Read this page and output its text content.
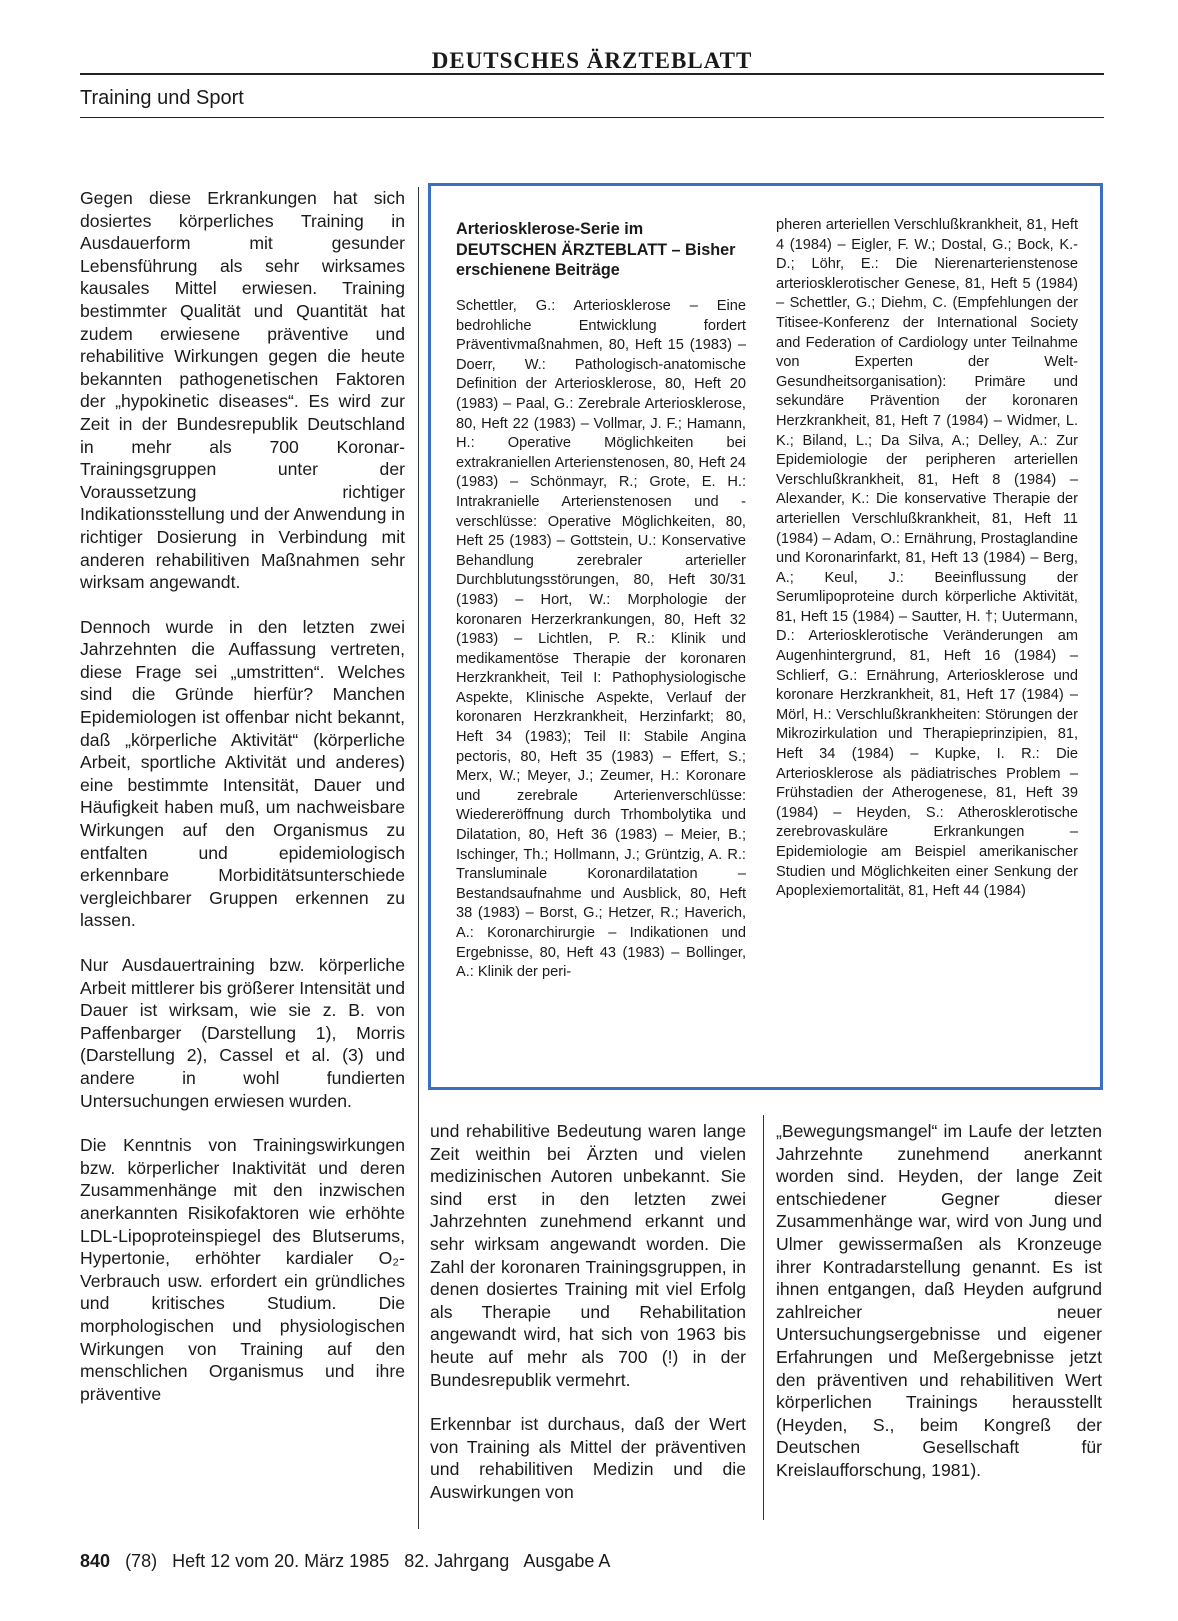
DEUTSCHES ÄRZTEBLATT
Training und Sport

Gegen diese Erkrankungen hat sich dosiertes körperliches Training in Ausdauerform mit gesunder Lebensführung als sehr wirksames kausales Mittel erwiesen. Training bestimmter Qualität und Quantität hat zudem erwiesene präventive und rehabilitive Wirkungen gegen die heute bekannten pathogenetischen Faktoren der „hypokinetic diseases“. Es wird zur Zeit in der Bundesrepublik Deutschland in mehr als 700 Koronar-Trainingsgruppen unter der Voraussetzung richtiger Indikationsstellung und der Anwendung in richtiger Dosierung in Verbindung mit anderen rehabilitiven Maßnahmen sehr wirksam angewandt.

Dennoch wurde in den letzten zwei Jahrzehnten die Auffassung vertreten, diese Frage sei „umstritten“. Welches sind die Gründe hierfür? Manchen Epidemiologen ist offenbar nicht bekannt, daß „körperliche Aktivität“ (körperliche Arbeit, sportliche Aktivität und anderes) eine bestimmte Intensität, Dauer und Häufigkeit haben muß, um nachweisbare Wirkungen auf den Organismus zu entfalten und epidemiologisch erkennbare Morbiditätsunterschiede vergleichbarer Gruppen erkennen zu lassen.

Nur Ausdauertraining bzw. körperliche Arbeit mittlerer bis größerer Intensität und Dauer ist wirksam, wie sie z. B. von Paffenbarger (Darstellung 1), Morris (Darstellung 2), Cassel et al. (3) und andere in wohl fundierten Untersuchungen erwiesen wurden.

Die Kenntnis von Trainingswirkungen bzw. körperlicher Inaktivität und deren Zusammenhänge mit den inzwischen anerkannten Risikofaktoren wie erhöhte LDL-Lipoproteinspiegel des Blutserums, Hypertonie, erhöhter kardialer O₂-Verbrauch usw. erfordert ein gründliches und kritisches Studium. Die morphologischen und physiologischen Wirkungen von Training auf den menschlichen Organismus und ihre präventive

Arteriosklerose-Serie im DEUTSCHEN ÄRZTEBLATT – Bisher erschienene Beiträge
Schettler, G.: Arteriosklerose – Eine bedrohliche Entwicklung fordert Präventivmaßnahmen, 80, Heft 15 (1983) – Doerr, W.: Pathologisch-anatomische Definition der Arteriosklerose, 80, Heft 20 (1983) – Paal, G.: Zerebrale Arteriosklerose, 80, Heft 22 (1983) – Vollmar, J. F.; Hamann, H.: Operative Möglichkeiten bei extrakraniellen Arterienstenosen, 80, Heft 24 (1983) – Schönmayr, R.; Grote, E. H.: Intrakranielle Arterienstenosen und -verschlüsse: Operative Möglichkeiten, 80, Heft 25 (1983) – Gottstein, U.: Konservative Behandlung zerebraler arterieller Durchblutungsstörungen, 80, Heft 30/31 (1983) – Hort, W.: Morphologie der koronaren Herzerkrankungen, 80, Heft 32 (1983) – Lichtlen, P. R.: Klinik und medikamentöse Therapie der koronaren Herzkrankheit, Teil I: Pathophysiologische Aspekte, Klinische Aspekte, Verlauf der koronaren Herzkrankheit, Herzinfarkt; 80, Heft 34 (1983); Teil II: Stabile Angina pectoris, 80, Heft 35 (1983) – Effert, S.; Merx, W.; Meyer, J.; Zeumer, H.: Koronare und zerebrale Arterienverschlüsse: Wiedereröffnung durch Trhombolytika und Dilatation, 80, Heft 36 (1983) – Meier, B.; Ischinger, Th.; Hollmann, J.; Grüntzig, A. R.: Transluminale Koronardilatation – Bestandsaufnahme und Ausblick, 80, Heft 38 (1983) – Borst, G.; Hetzer, R.; Haverich, A.: Koronarchirurgie – Indikationen und Ergebnisse, 80, Heft 43 (1983) – Bollinger, A.: Klinik der peri-
pheren arteriellen Verschlußkrankheit, 81, Heft 4 (1984) – Eigler, F. W.; Dostal, G.; Bock, K.-D.; Löhr, E.: Die Nierenarterienstenose arteriosklerotischer Genese, 81, Heft 5 (1984) – Schettler, G.; Diehm, C. (Empfehlungen der Titisee-Konferenz der International Society and Federation of Cardiology unter Teilnahme von Experten der Welt-Gesundheitsorganisation): Primäre und sekundäre Prävention der koronaren Herzkrankheit, 81, Heft 7 (1984) – Widmer, L. K.; Biland, L.; Da Silva, A.; Delley, A.: Zur Epidemiologie der peripheren arteriellen Verschlußkrankheit, 81, Heft 8 (1984) – Alexander, K.: Die konservative Therapie der arteriellen Verschlußkrankheit, 81, Heft 11 (1984) – Adam, O.: Ernährung, Prostaglandine und Koronarinfarkt, 81, Heft 13 (1984) – Berg, A.; Keul, J.: Beeinflussung der Serumlipoproteine durch körperliche Aktivität, 81, Heft 15 (1984) – Sautter, H. †; Uutermann, D.: Arteriosklerotische Veränderungen am Augenhintergrund, 81, Heft 16 (1984) – Schlierf, G.: Ernährung, Arteriosklerose und koronare Herzkrankheit, 81, Heft 17 (1984) – Mörl, H.: Verschlußkrankheiten: Störungen der Mikrozirkulation und Therapieprinzipien, 81, Heft 34 (1984) – Kupke, I. R.: Die Arteriosklerose als pädiatrisches Problem – Frühstadien der Atherogenese, 81, Heft 39 (1984) – Heyden, S.: Atherosklerotische zerebrovaskuläre Erkrankungen – Epidemiologie am Beispiel amerikanischer Studien und Möglichkeiten einer Senkung der Apoplexiemortalität, 81, Heft 44 (1984)

und rehabilitive Bedeutung waren lange Zeit weithin bei Ärzten und vielen medizinischen Autoren unbekannt. Sie sind erst in den letzten zwei Jahrzehnten zunehmend erkannt und sehr wirksam angewandt worden. Die Zahl der koronaren Trainingsgruppen, in denen dosiertes Training mit viel Erfolg als Therapie und Rehabilitation angewandt wird, hat sich von 1963 bis heute auf mehr als 700 (!) in der Bundesrepublik vermehrt.

Erkennbar ist durchaus, daß der Wert von Training als Mittel der präventiven und rehabilitiven Medizin und die Auswirkungen von

„Bewegungsmangel“ im Laufe der letzten Jahrzehnte zunehmend anerkannt worden sind. Heyden, der lange Zeit entschiedener Gegner dieser Zusammenhänge war, wird von Jung und Ulmer gewissermaßen als Kronzeuge ihrer Kontradarstellung genannt. Es ist ihnen entgangen, daß Heyden aufgrund zahlreicher neuer Untersuchungsergebnisse und eigener Erfahrungen und Meßergebnisse jetzt den präventiven und rehabilitiven Wert körperlichen Trainings herausstellt (Heyden, S., beim Kongreß der Deutschen Gesellschaft für Kreislaufforschung, 1981).

840 (78) Heft 12 vom 20. März 1985 82. Jahrgang Ausgabe A
